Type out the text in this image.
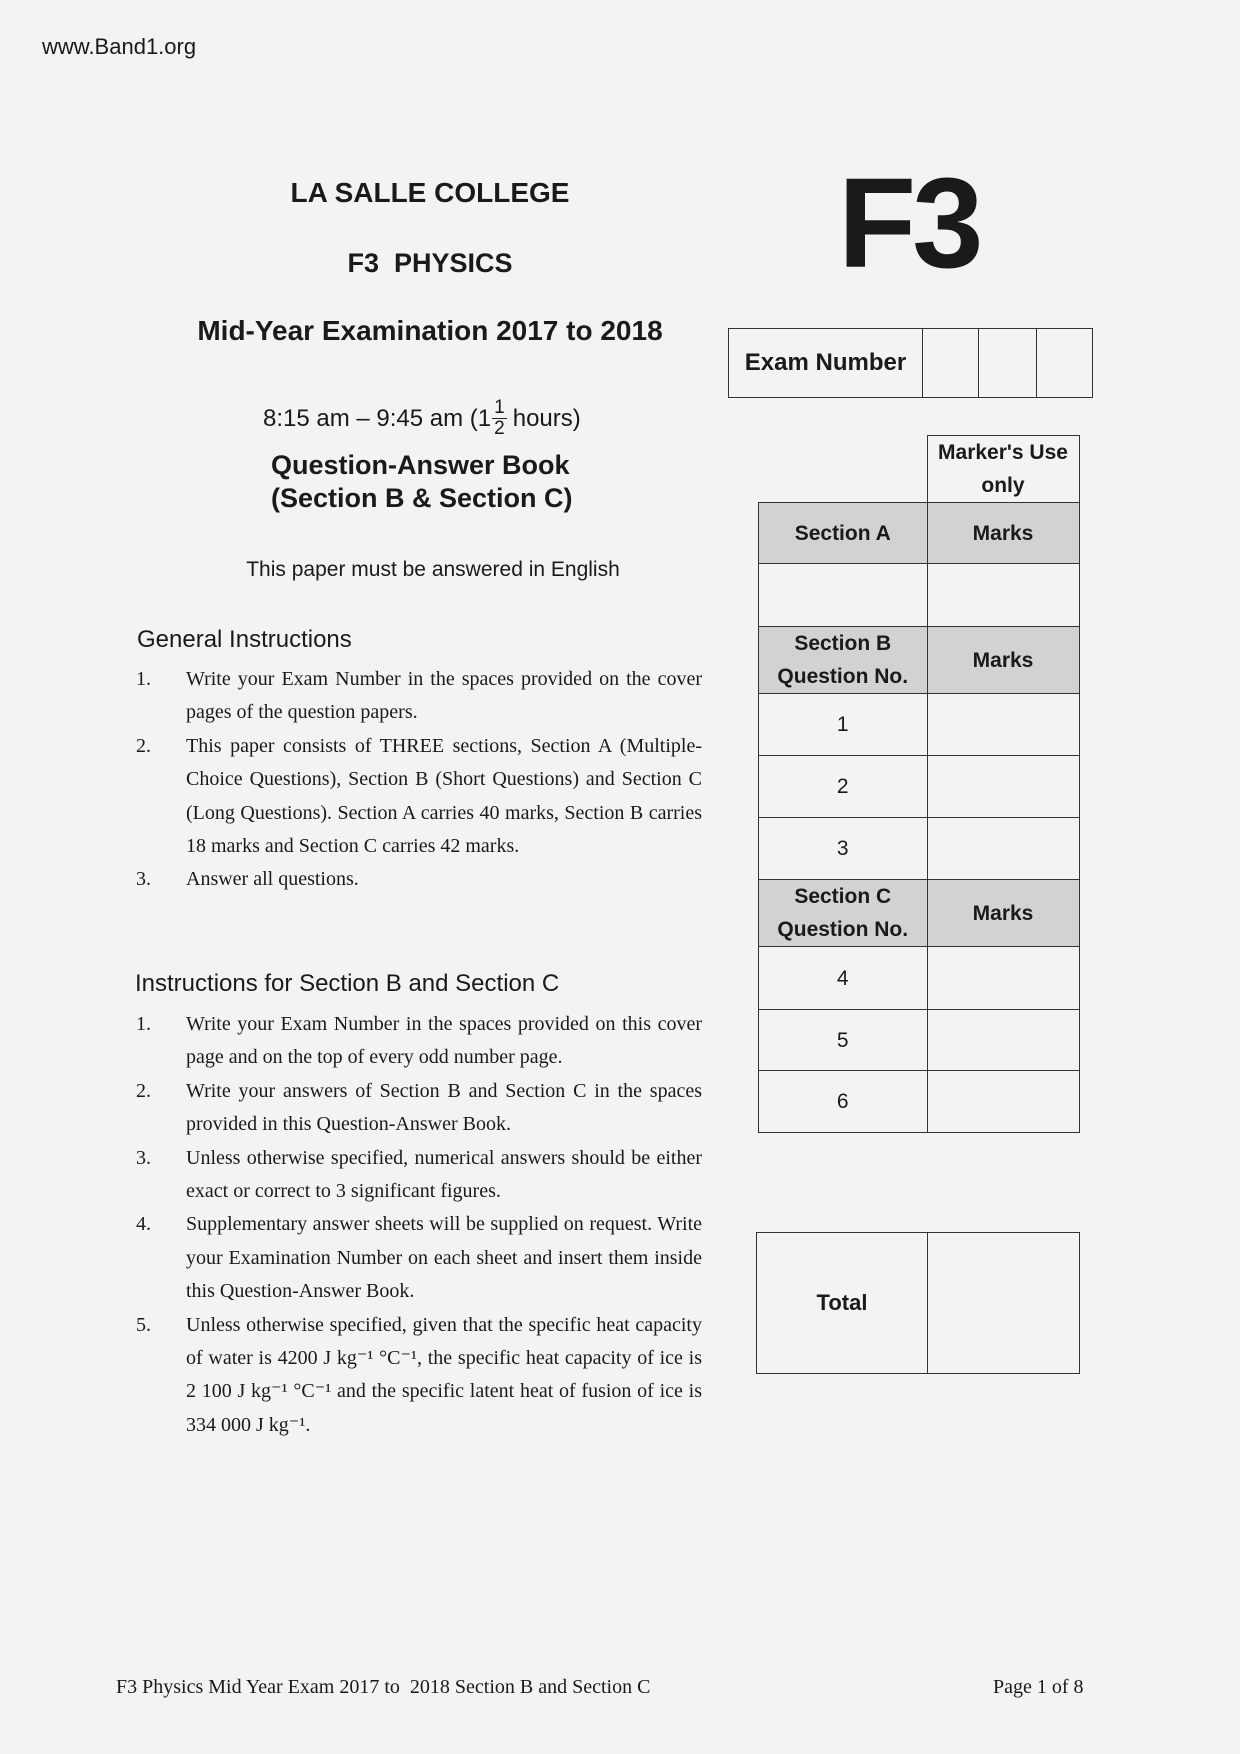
www.Band1.org
LA SALLE COLLEGE
F3  PHYSICS
Mid-Year Examination 2017 to 2018
8:15 am – 9:45 am ($1 \frac{1}{2}$ hours)
Question-Answer Book
(Section B & Section C)
This paper must be answered in English
F3
General Instructions
1.	Write your Exam Number in the spaces provided on the cover pages of the question papers.
2.	This paper consists of THREE sections, Section A (Multiple-Choice Questions), Section B (Short Questions) and Section C (Long Questions). Section A carries 40 marks, Section B carries 18 marks and Section C carries 42 marks.
3.	Answer all questions.
Instructions for Section B and Section C
1.	Write your Exam Number in the spaces provided on this cover page and on the top of every odd number page.
2.	Write your answers of Section B and Section C in the spaces provided in this Question-Answer Book.
3.	Unless otherwise specified, numerical answers should be either exact or correct to 3 significant figures.
4.	Supplementary answer sheets will be supplied on request. Write your Examination Number on each sheet and insert them inside this Question-Answer Book.
5.	Unless otherwise specified, given that the specific heat capacity of water is 4200 J kg⁻¹ °C⁻¹, the specific heat capacity of ice is 2 100 J kg⁻¹ °C⁻¹ and the specific latent heat of fusion of ice is 334 000 J kg⁻¹.
Exam Number			
	Marker's Use only
Section A	Marks

Section B Question No.	Marks
1	
2	
3	
Section C Question No.	Marks
4	
5	
6	
Total	
F3 Physics Mid Year Exam 2017 to  2018 Section B and Section C	Page 1 of 8
